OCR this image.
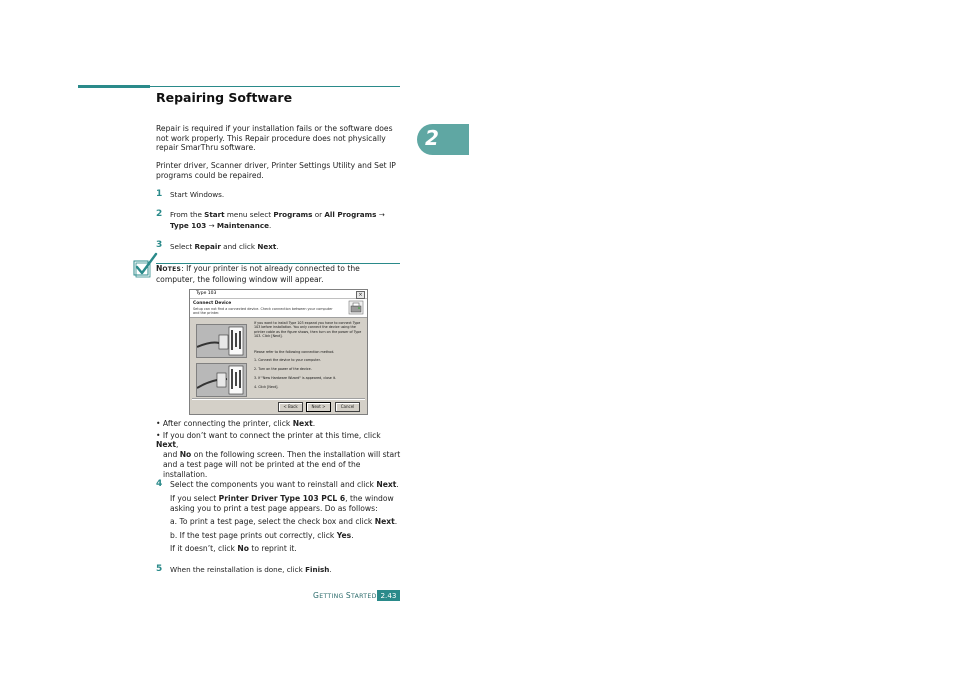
Repairing Software
2
Repair is required if your installation fails or the software does not work properly. This Repair procedure does not physically repair SmarThru software.
Printer driver, Scanner driver, Printer Settings Utility and Set IP programs could be repaired.
1 Start Windows.
2 From the Start menu select Programs or All Programs →
Type 103 → Maintenance.
3 Select Repair and click Next.
NOTES: If your printer is not already connected to the computer, the following window will appear.
Type 103	×
Connect Device
Setup can not find a connected device. Check connection between your computer and the printer.
If you want to install Type 103 expand you have to connect Type 103 before installation. You only connect the device using the printer cable as the figure shows, then turn on the power of Type 103. Click [Next].
Please refer to the following connection method.
1. Connect the device to your computer.
2. Turn on the power of the device.
3. If "New Hardware Wizard" is appeared, close it.
4. Click [Next].
< Back	Next >	Cancel
• After connecting the printer, click Next.
• If you don’t want to connect the printer at this time, click Next,
and No on the following screen. Then the installation will start and a test page will not be printed at the end of the installation.
4 Select the components you want to reinstall and click Next.
If you select Printer Driver Type 103 PCL 6, the window asking you to print a test page appears. Do as follows:
a. To print a test page, select the check box and click Next.
b. If the test page prints out correctly, click Yes.
If it doesn’t, click No to reprint it.
5 When the reinstallation is done, click Finish.
GETTING STARTED 2.43
